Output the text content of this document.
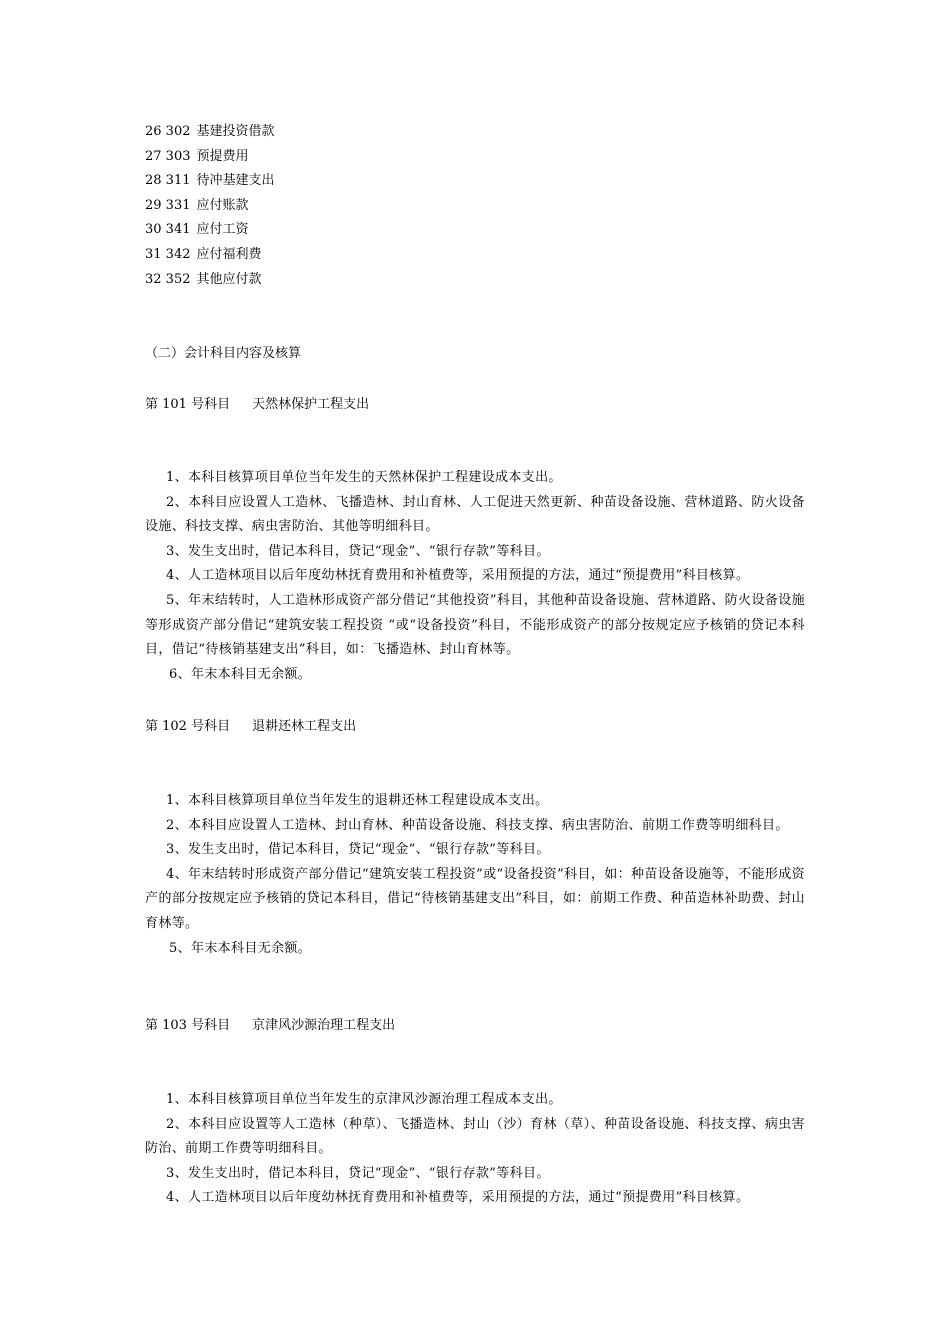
26 302 基建投资借款
27 303 预提费用
28 311 待冲基建支出
29 331 应付账款
30 341 应付工资
31 342 应付福利费
32 352 其他应付款
（二）会计科目内容及核算
第 101 号科目 天然林保护工程支出

1、本科目核算项目单位当年发生的天然林保护工程建设成本支出。

2、本科目应设置人工造林、飞播造林、封山育林、人工促进天然更新、种苗设备设施、营林道路、防火设备设施、科技支撑、病虫害防治、其他等明细科目。

3、发生支出时，借记本科目，贷记“现金”、“银行存款”等科目。

4、人工造林项目以后年度幼林抚育费用和补植费等，采用预提的方法，通过“预提费用”科目核算。

5、年末结转时，人工造林形成资产部分借记“其他投资”科目，其他种苗设备设施、营林道路、防火设备设施等形成资产部分借记“建筑安装工程投资 ”或“设备投资”科目，不能形成资产的部分按规定应予核销的贷记本科目，借记“待核销基建支出”科目，如：飞播造林、封山育林等。

6、年末本科目无余额。

第 102 号科目 退耕还林工程支出

1、本科目核算项目单位当年发生的退耕还林工程建设成本支出。

2、本科目应设置人工造林、封山育林、种苗设备设施、科技支撑、病虫害防治、前期工作费等明细科目。

3、发生支出时，借记本科目，贷记“现金”、“银行存款”等科目。

4、年末结转时形成资产部分借记“建筑安装工程投资”或“设备投资”科目，如：种苗设备设施等，不能形成资产的部分按规定应予核销的贷记本科目，借记“待核销基建支出”科目，如：前期工作费、种苗造林补助费、封山育林等。

5、年末本科目无余额。

第 103 号科目 京津风沙源治理工程支出

1、本科目核算项目单位当年发生的京津风沙源治理工程成本支出。

2、本科目应设置等人工造林（种草）、飞播造林、封山（沙）育林（草）、种苗设备设施、科技支撑、病虫害防治、前期工作费等明细科目。

3、发生支出时，借记本科目，贷记“现金”、“银行存款”等科目。

4、人工造林项目以后年度幼林抚育费用和补植费等，采用预提的方法，通过“预提费用”科目核算。
